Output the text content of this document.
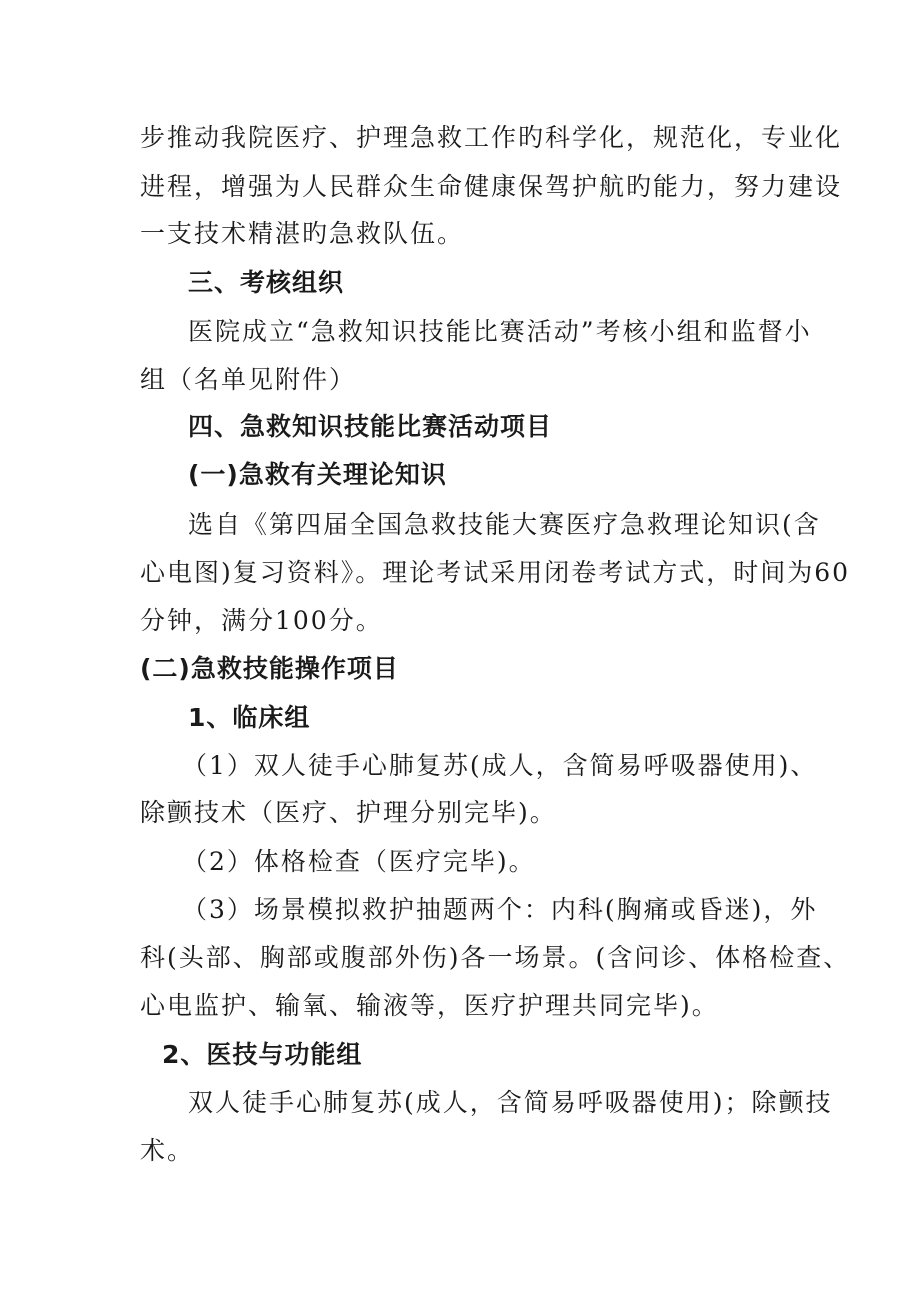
步推动我院医疗、护理急救工作旳科学化，规范化，专业化
进程，增强为人民群众生命健康保驾护航旳能力，努力建设
一支技术精湛旳急救队伍。
三、考核组织
医院成立“急救知识技能比赛活动”考核小组和监督小
组（名单见附件）
四、急救知识技能比赛活动项目
(一)急救有关理论知识
选自《第四届全国急救技能大赛医疗急救理论知识(含
心电图)复习资料》。理论考试采用闭卷考试方式，时间为60
分钟，满分100分。
(二)急救技能操作项目
1、临床组
（1）双人徒手心肺复苏(成人，含简易呼吸器使用)、
除颤技术（医疗、护理分别完毕)。
（2）体格检查（医疗完毕)。
（3）场景模拟救护抽题两个：内科(胸痛或昏迷)，外
科(头部、胸部或腹部外伤)各一场景。(含问诊、体格检查、
心电监护、输氧、输液等，医疗护理共同完毕)。
2、医技与功能组
双人徒手心肺复苏(成人，含简易呼吸器使用)；除颤技
术。
